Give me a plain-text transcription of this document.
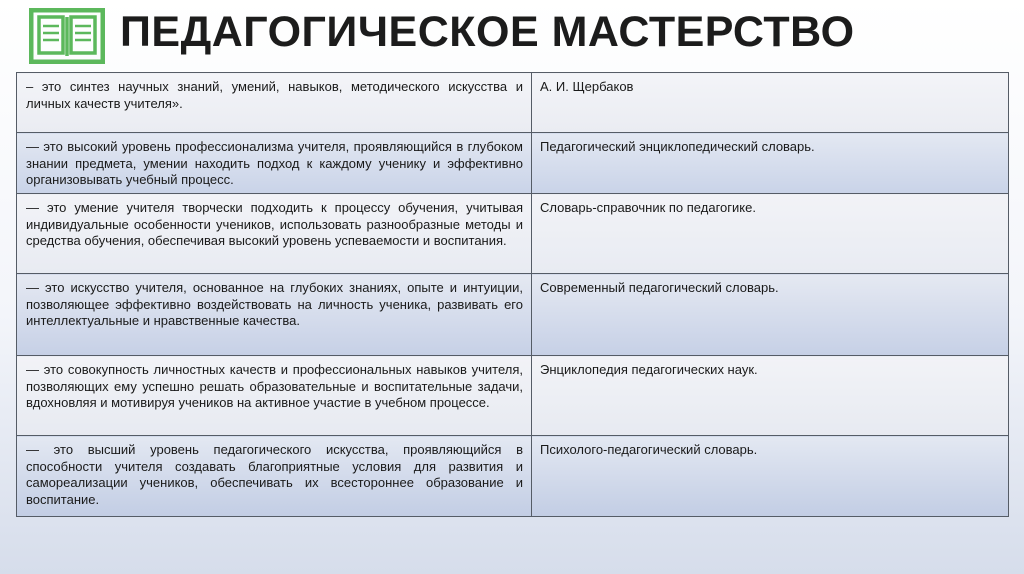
ПЕДАГОГИЧЕСКОЕ МАСТЕРСТВО
– это синтез научных знаний, умений, навыков, методического искусства и личных качеств учителя».	А. И. Щербаков
— это высокий уровень профессионализма учителя, проявляющийся в глубоком знании предмета, умении находить подход к каждому ученику и эффективно организовывать учебный процесс.	Педагогический энциклопедический словарь.
— это умение учителя творчески подходить к процессу обучения, учитывая индивидуальные особенности учеников, использовать разнообразные методы и средства обучения, обеспечивая высокий уровень успеваемости и воспитания.	Словарь-справочник по педагогике.
— это искусство учителя, основанное на глубоких знаниях, опыте и интуиции, позволяющее эффективно воздействовать на личность ученика, развивать его интеллектуальные и нравственные качества.	Современный педагогический словарь.
— это совокупность личностных качеств и профессиональных навыков учителя, позволяющих ему успешно решать образовательные и воспитательные задачи, вдохновляя и мотивируя учеников на активное участие в учебном процессе.	Энциклопедия педагогических наук.
— это высший уровень педагогического искусства, проявляющийся в способности учителя создавать благоприятные условия для развития и самореализации учеников, обеспечивать их всестороннее образование и воспитание.	Психолого-педагогический словарь.
